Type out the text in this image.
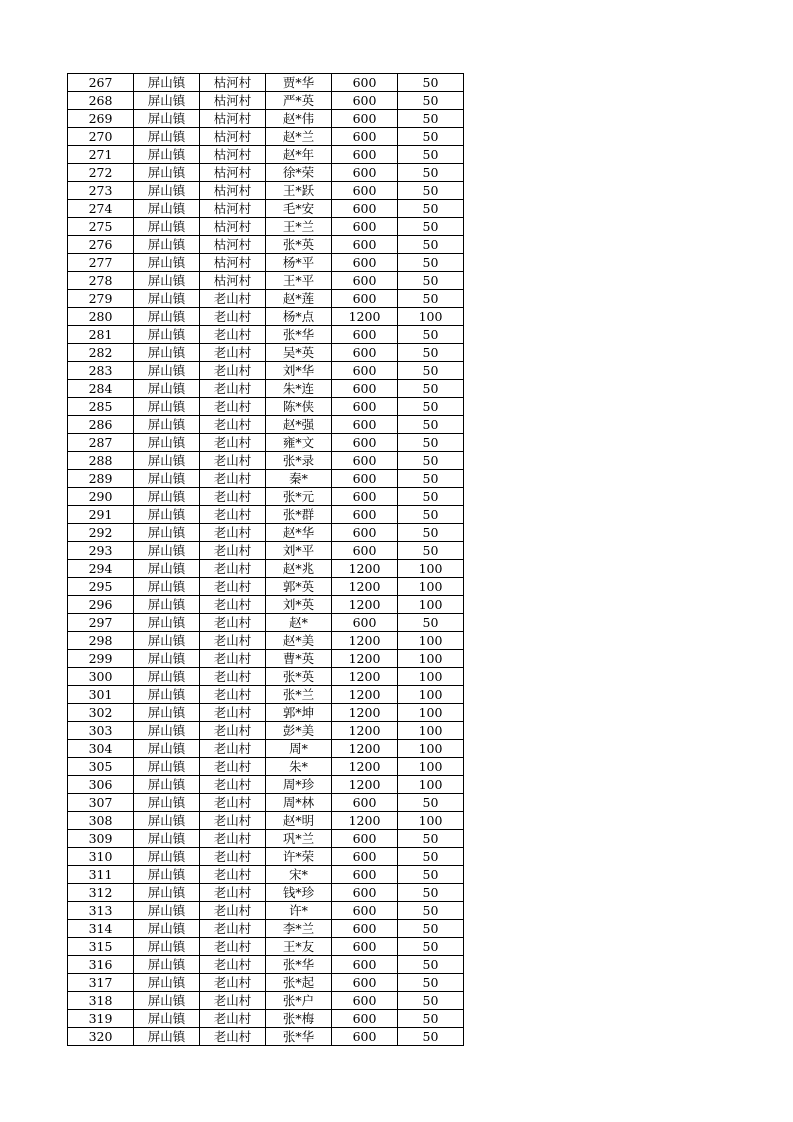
267	屏山镇	枯河村	贾*华	600	50
268	屏山镇	枯河村	严*英	600	50
269	屏山镇	枯河村	赵*伟	600	50
270	屏山镇	枯河村	赵*兰	600	50
271	屏山镇	枯河村	赵*年	600	50
272	屏山镇	枯河村	徐*荣	600	50
273	屏山镇	枯河村	王*跃	600	50
274	屏山镇	枯河村	毛*安	600	50
275	屏山镇	枯河村	王*兰	600	50
276	屏山镇	枯河村	张*英	600	50
277	屏山镇	枯河村	杨*平	600	50
278	屏山镇	枯河村	王*平	600	50
279	屏山镇	老山村	赵*莲	600	50
280	屏山镇	老山村	杨*点	1200	100
281	屏山镇	老山村	张*华	600	50
282	屏山镇	老山村	吴*英	600	50
283	屏山镇	老山村	刘*华	600	50
284	屏山镇	老山村	朱*连	600	50
285	屏山镇	老山村	陈*侠	600	50
286	屏山镇	老山村	赵*强	600	50
287	屏山镇	老山村	雍*文	600	50
288	屏山镇	老山村	张*录	600	50
289	屏山镇	老山村	秦*	600	50
290	屏山镇	老山村	张*元	600	50
291	屏山镇	老山村	张*群	600	50
292	屏山镇	老山村	赵*华	600	50
293	屏山镇	老山村	刘*平	600	50
294	屏山镇	老山村	赵*兆	1200	100
295	屏山镇	老山村	郭*英	1200	100
296	屏山镇	老山村	刘*英	1200	100
297	屏山镇	老山村	赵*	600	50
298	屏山镇	老山村	赵*美	1200	100
299	屏山镇	老山村	曹*英	1200	100
300	屏山镇	老山村	张*英	1200	100
301	屏山镇	老山村	张*兰	1200	100
302	屏山镇	老山村	郭*坤	1200	100
303	屏山镇	老山村	彭*美	1200	100
304	屏山镇	老山村	周*	1200	100
305	屏山镇	老山村	朱*	1200	100
306	屏山镇	老山村	周*珍	1200	100
307	屏山镇	老山村	周*林	600	50
308	屏山镇	老山村	赵*明	1200	100
309	屏山镇	老山村	巩*兰	600	50
310	屏山镇	老山村	许*荣	600	50
311	屏山镇	老山村	宋*	600	50
312	屏山镇	老山村	钱*珍	600	50
313	屏山镇	老山村	许*	600	50
314	屏山镇	老山村	李*兰	600	50
315	屏山镇	老山村	王*友	600	50
316	屏山镇	老山村	张*华	600	50
317	屏山镇	老山村	张*起	600	50
318	屏山镇	老山村	张*户	600	50
319	屏山镇	老山村	张*梅	600	50
320	屏山镇	老山村	张*华	600	50
